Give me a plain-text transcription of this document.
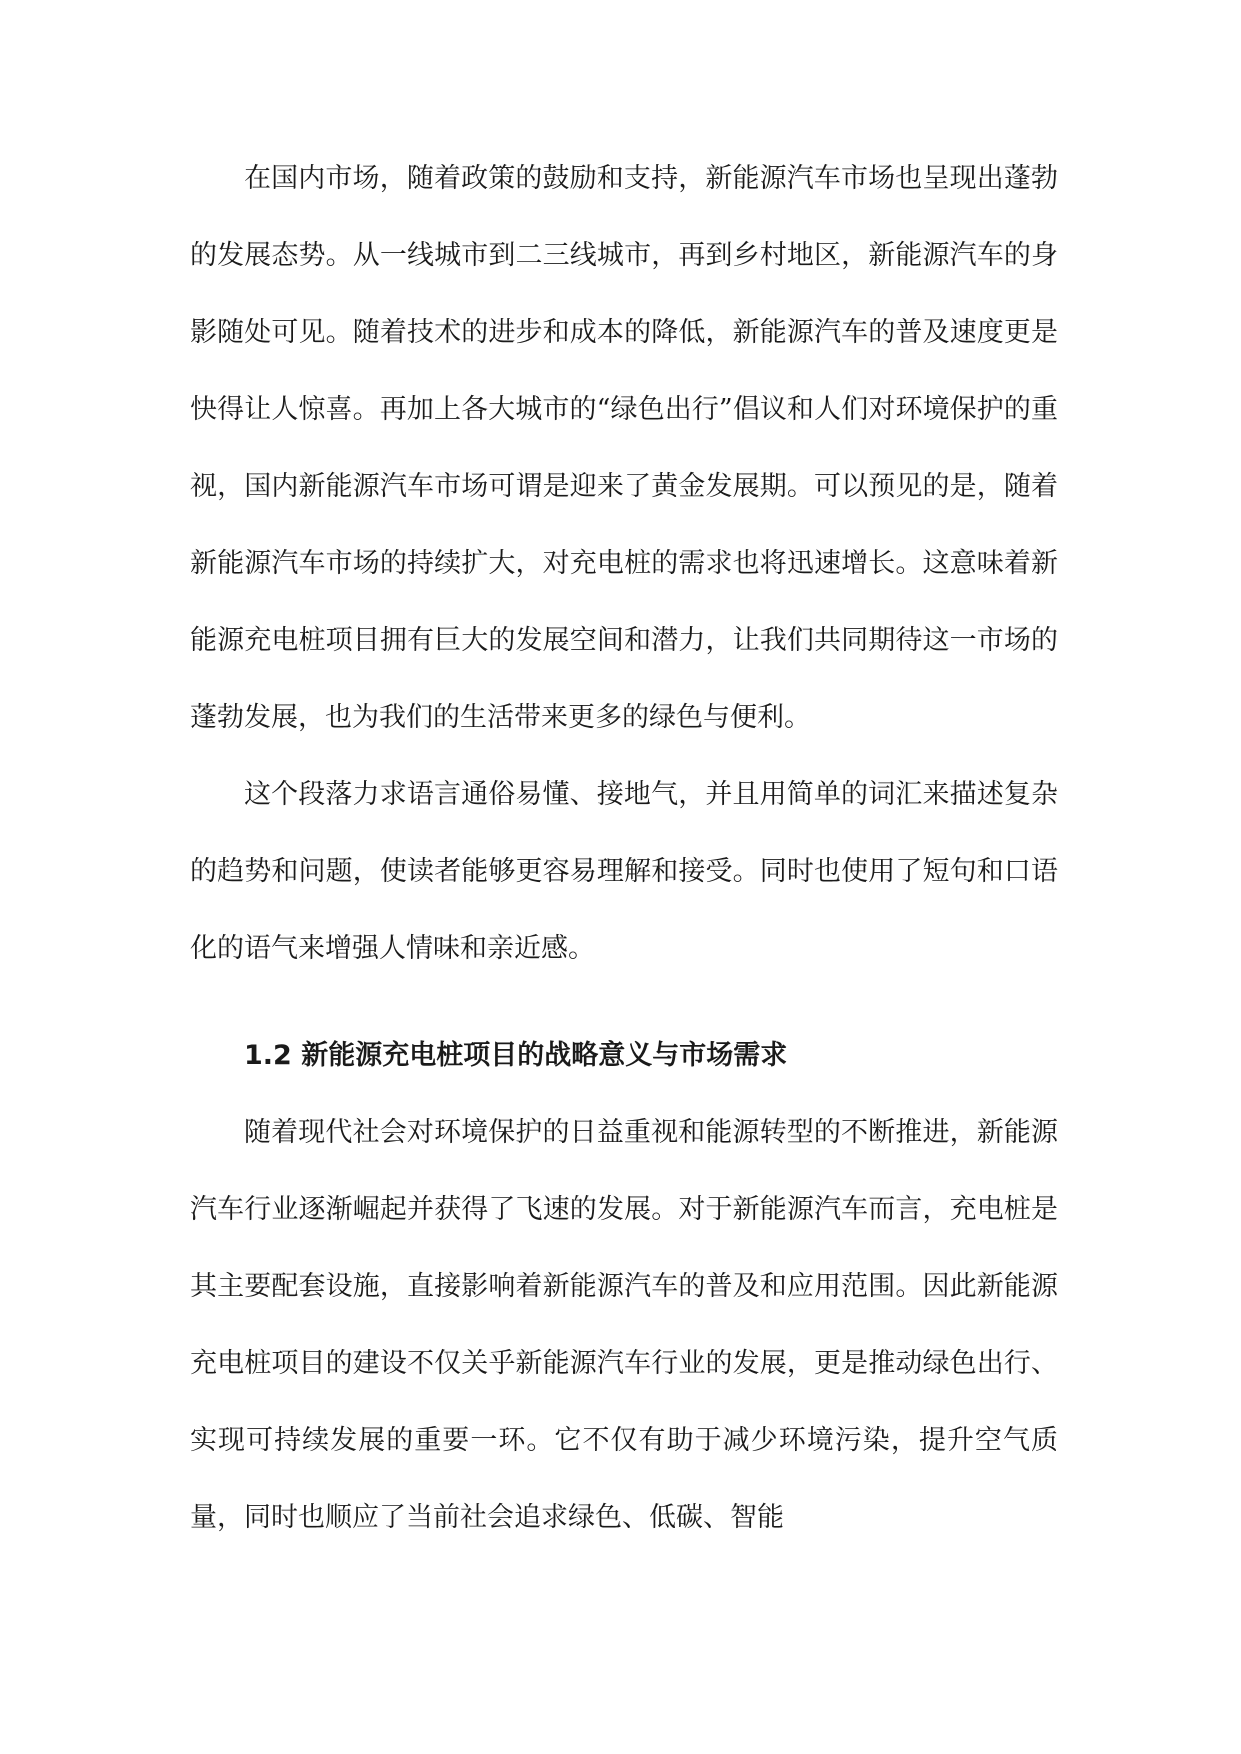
在国内市场，随着政策的鼓励和支持，新能源汽车市场也呈现出蓬勃的发展态势。从一线城市到二三线城市，再到乡村地区，新能源汽车的身影随处可见。随着技术的进步和成本的降低，新能源汽车的普及速度更是快得让人惊喜。再加上各大城市的“绿色出行”倡议和人们对环境保护的重视，国内新能源汽车市场可谓是迎来了黄金发展期。可以预见的是，随着新能源汽车市场的持续扩大，对充电桩的需求也将迅速增长。这意味着新能源充电桩项目拥有巨大的发展空间和潜力，让我们共同期待这一市场的蓬勃发展，也为我们的生活带来更多的绿色与便利。

这个段落力求语言通俗易懂、接地气，并且用简单的词汇来描述复杂的趋势和问题，使读者能够更容易理解和接受。同时也使用了短句和口语化的语气来增强人情味和亲近感。

1.2 新能源充电桩项目的战略意义与市场需求

随着现代社会对环境保护的日益重视和能源转型的不断推进，新能源汽车行业逐渐崛起并获得了飞速的发展。对于新能源汽车而言，充电桩是其主要配套设施，直接影响着新能源汽车的普及和应用范围。因此新能源充电桩项目的建设不仅关乎新能源汽车行业的发展，更是推动绿色出行、实现可持续发展的重要一环。它不仅有助于减少环境污染，提升空气质量，同时也顺应了当前社会追求绿色、低碳、智能
